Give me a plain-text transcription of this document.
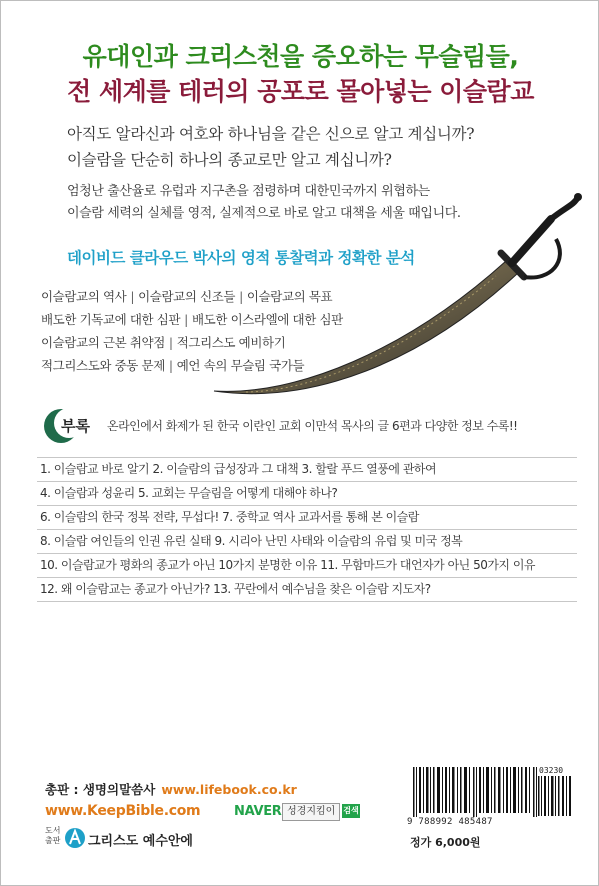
유대인과 크리스천을 증오하는 무슬림들,
전 세계를 테러의 공포로 몰아넣는 이슬람교
아직도 알라신과 여호와 하나님을 같은 신으로 알고 계십니까?
이슬람을 단순히 하나의 종교로만 알고 계십니까?
엄청난 출산율로 유럽과 지구촌을 점령하며 대한민국까지 위협하는
이슬람 세력의 실체를 영적, 실제적으로 바로 알고 대책을 세울 때입니다.
데이비드 클라우드 박사의 영적 통찰력과 정확한 분석
이슬람교의 역사 | 이슬람교의 신조들 | 이슬람교의 목표
배도한 기독교에 대한 심판 | 배도한 이스라엘에 대한 심판
이슬람교의 근본 취약점 | 적그리스도 예비하기
적그리스도와 중동 문제 | 예언 속의 무슬림 국가들
부록 온라인에서 화제가 된 한국 이란인 교회 이만석 목사의 글 6편과 다양한 정보 수록!!
1. 이슬람교 바로 알기 2. 이슬람의 급성장과 그 대책 3. 할랄 푸드 열풍에 관하여
4. 이슬람과 성윤리 5. 교회는 무슬림을 어떻게 대해야 하나?
6. 이슬람의 한국 정복 전략, 무섭다! 7. 중학교 역사 교과서를 통해 본 이슬람
8. 이슬람 여인들의 인권 유린 실태 9. 시리아 난민 사태와 이슬람의 유럽 및 미국 정복
10. 이슬람교가 평화의 종교가 아닌 10가지 분명한 이유 11. 무함마드가 대언자가 아닌 50가지 이유
12. 왜 이슬람교는 종교가 아닌가? 13. 꾸란에서 예수님을 찾은 이슬람 지도자?
총판 : 생명의말씀사 www.lifebook.co.kr
www.KeepBible.com	NAVER 성경지킴이 검색
도서출판 그리스도 예수안에
03230
9 788992 485487
정가 6,000원
